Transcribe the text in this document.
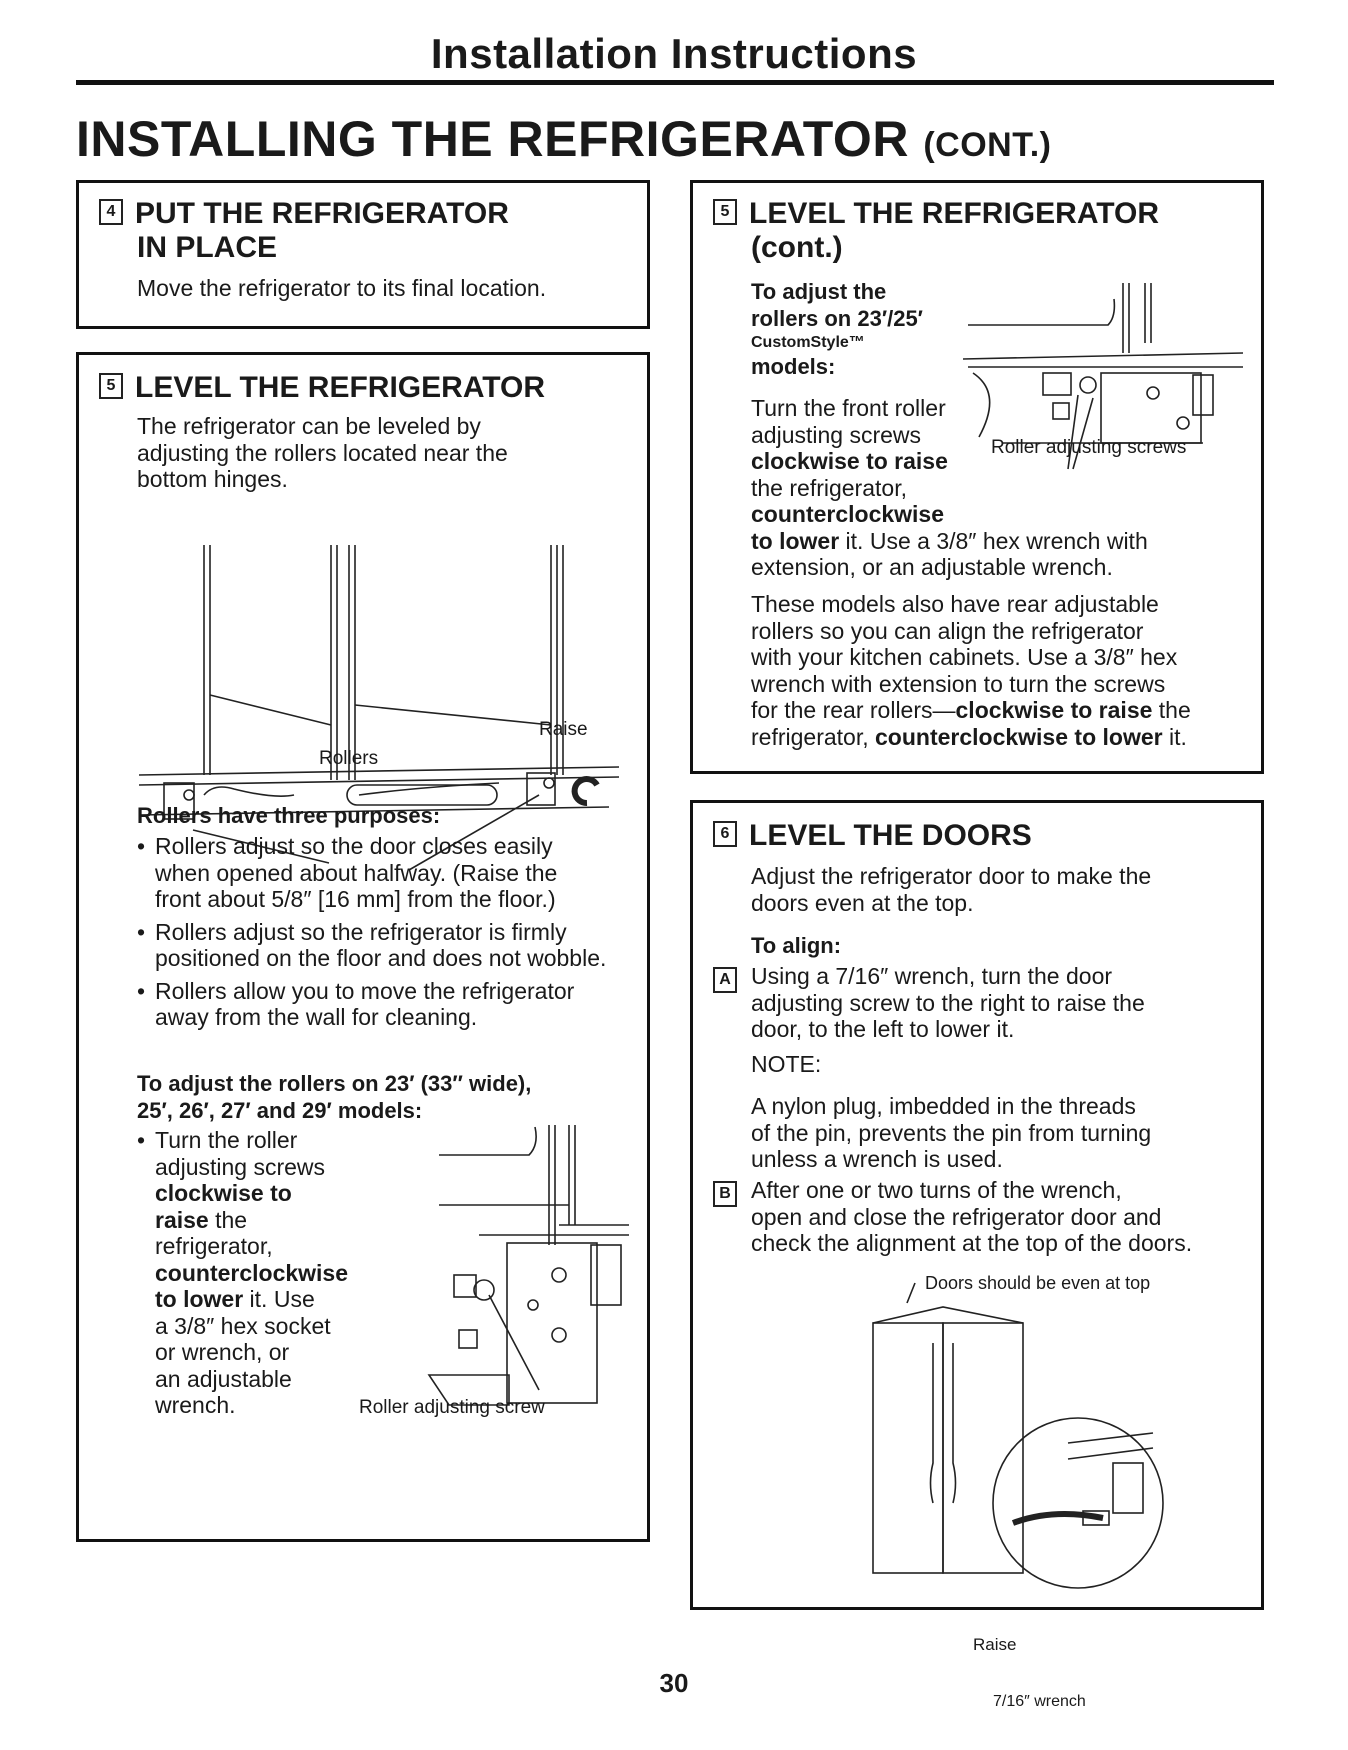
Installation Instructions
INSTALLING THE REFRIGERATOR (CONT.)
4 PUT THE REFRIGERATOR
IN PLACE
Move the refrigerator to its final location.
5 LEVEL THE REFRIGERATOR
The refrigerator can be leveled by
adjusting the rollers located near the
bottom hinges.
Raise
Rollers
Rollers have three purposes:
• Rollers adjust so the door closes easily when opened about halfway. (Raise the front about 5/8″ [16 mm] from the floor.)
• Rollers adjust so the refrigerator is firmly positioned on the floor and does not wobble.
• Rollers allow you to move the refrigerator away from the wall for cleaning.
To adjust the rollers on 23′ (33″ wide),
25′, 26′, 27′ and 29′ models:
• Turn the roller
adjusting screws
clockwise to
raise the
refrigerator,
counterclockwise
to lower it. Use
a 3/8″ hex socket
or wrench, or
an adjustable
wrench.	Roller adjusting screw
5 LEVEL THE REFRIGERATOR
(cont.)
To adjust the
rollers on 23′/25′
CustomStyle™
models:
Turn the front roller
adjusting screws
clockwise to raise
the refrigerator,
counterclockwise
to lower it. Use a 3/8″ hex wrench with
extension, or an adjustable wrench.
Roller adjusting screws
These models also have rear adjustable
rollers so you can align the refrigerator
with your kitchen cabinets. Use a 3/8″ hex
wrench with extension to turn the screws
for the rear rollers—clockwise to raise the
refrigerator, counterclockwise to lower it.
6 LEVEL THE DOORS
Adjust the refrigerator door to make the
doors even at the top.
To align:
A Using a 7/16″ wrench, turn the door
adjusting screw to the right to raise the
door, to the left to lower it.
NOTE:
A nylon plug, imbedded in the threads
of the pin, prevents the pin from turning
unless a wrench is used.
B After one or two turns of the wrench,
open and close the refrigerator door and
check the alignment at the top of the doors.
Doors should be even at top
Raise
7/16″ wrench
30
